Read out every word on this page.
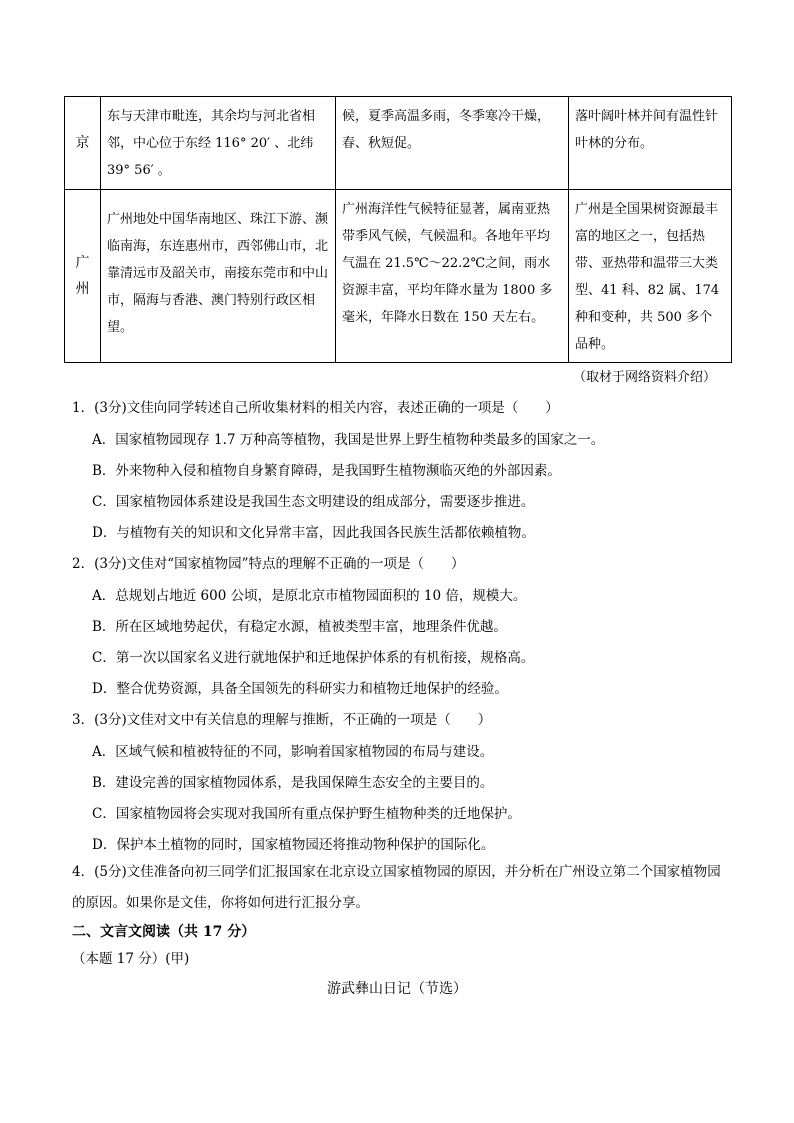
京	东与天津市毗连，其余均与河北省相邻，中心位于东经 116° 20′ 、北纬 39° 56′ 。	候，夏季高温多雨，冬季寒冷干燥，春、秋短促。	落叶阔叶林并间有温性针叶林的分布。
广州	广州地处中国华南地区、珠江下游、濒临南海，东连惠州市，西邻佛山市，北靠清远市及韶关市，南接东莞市和中山市，隔海与香港、澳门特别行政区相望。	广州海洋性气候特征显著，属南亚热带季风气候，气候温和。各地年平均气温在 21.5℃～22.2℃之间，雨水资源丰富，平均年降水量为 1800 多毫米，年降水日数在 150 天左右。	广州是全国果树资源最丰富的地区之一，包括热带、亚热带和温带三大类型、41 科、82 属、174 种和变种，共 500 多个品种。
（取材于网络资料介绍）
1．(3分)文佳向同学转述自己所收集材料的相关内容，表述正确的一项是（　　）
A．国家植物园现存 1.7 万种高等植物，我国是世界上野生植物种类最多的国家之一。
B．外来物种入侵和植物自身繁育障碍，是我国野生植物濒临灭绝的外部因素。
C．国家植物园体系建设是我国生态文明建设的组成部分，需要逐步推进。
D．与植物有关的知识和文化异常丰富，因此我国各民族生活都依赖植物。
2．(3分)文佳对“国家植物园”特点的理解不正确的一项是（　　）
A．总规划占地近 600 公顷，是原北京市植物园面积的 10 倍，规模大。
B．所在区域地势起伏，有稳定水源，植被类型丰富，地理条件优越。
C．第一次以国家名义进行就地保护和迁地保护体系的有机衔接，规格高。
D．整合优势资源，具备全国领先的科研实力和植物迁地保护的经验。
3．(3分)文佳对文中有关信息的理解与推断，不正确的一项是（　　）
A．区域气候和植被特征的不同，影响着国家植物园的布局与建设。
B．建设完善的国家植物园体系，是我国保障生态安全的主要目的。
C．国家植物园将会实现对我国所有重点保护野生植物种类的迁地保护。
D．保护本土植物的同时，国家植物园还将推动物种保护的国际化。
4．(5分)文佳准备向初三同学们汇报国家在北京设立国家植物园的原因，并分析在广州设立第二个国家植物园的原因。如果你是文佳，你将如何进行汇报分享。
二、文言文阅读（共 17 分）
（本题 17 分）(甲)
游武彝山日记（节选）
